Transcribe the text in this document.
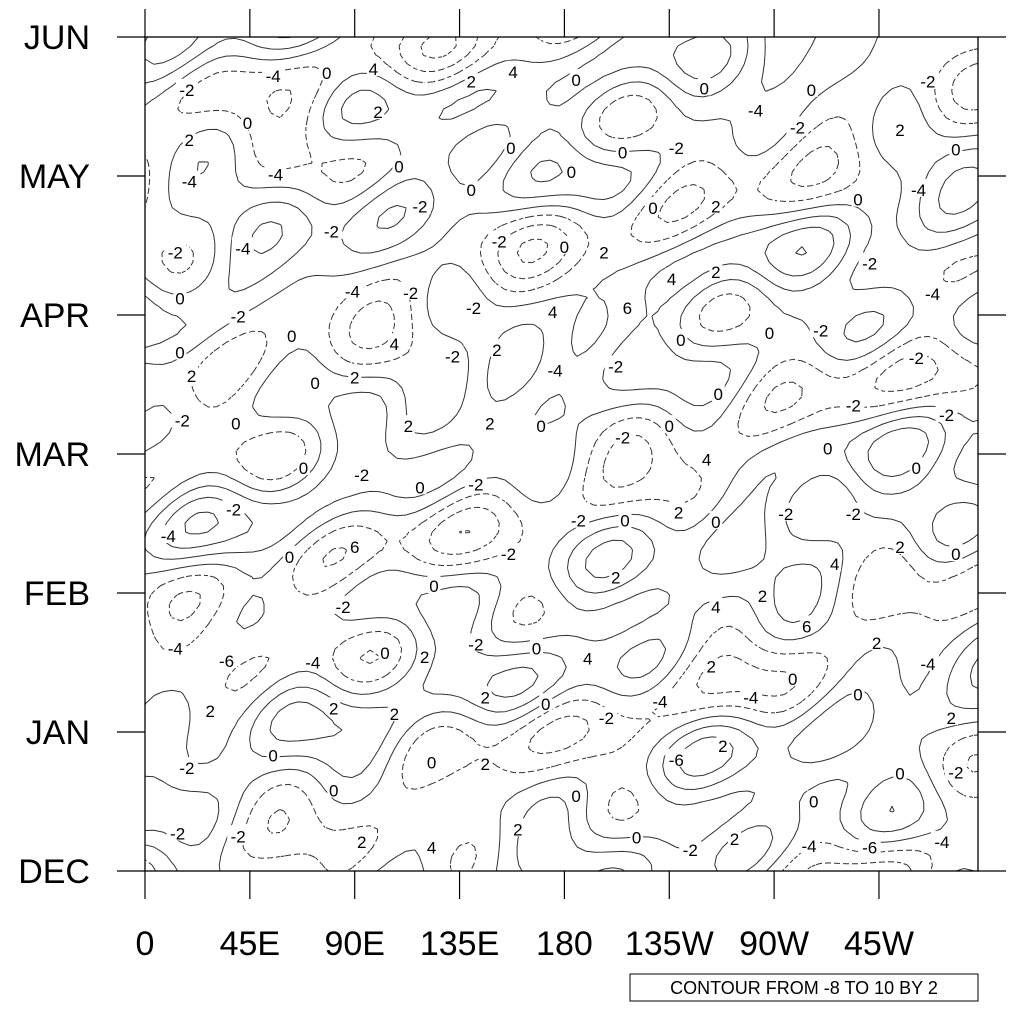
-2
-4 0 4
2
4	0	0	0	-2
2
0
2
-4
-2	2
0	0 -2	0
-4	-4	0	0
-4
0
-2	0	2	0
-2
-2	-4	-2	0 2
-2
2
4
0	-4	-2	-4
-2	-2	4	6
0	4	0	0 -2
-2
0	-2 2
2	0 2	-4	-2
0
-2
-2
-2 0	2	2 0
-2
0
0
4
0	-2
0	-2
0
-2
-2 0	2
0	-2	-2
-4
6
0	-2	2	0
4
0	2
2
-2	4
6
2
-4
-6	-4
0 2
-2	0
4	2
0
-4
0
2	0	-4	-4
2	2	2	-2	2
0
2
-2	0	2	-6
0	-2
0	0	0
-2	-2	2
2	4
0
-2
2	-4	-6	-4
0 45E 90E 135E 180 135W 90W 45W
DEC
JAN
FEB
MAR
APR
MAY
JUN
CONTOUR FROM -8 TO 10 BY 2
